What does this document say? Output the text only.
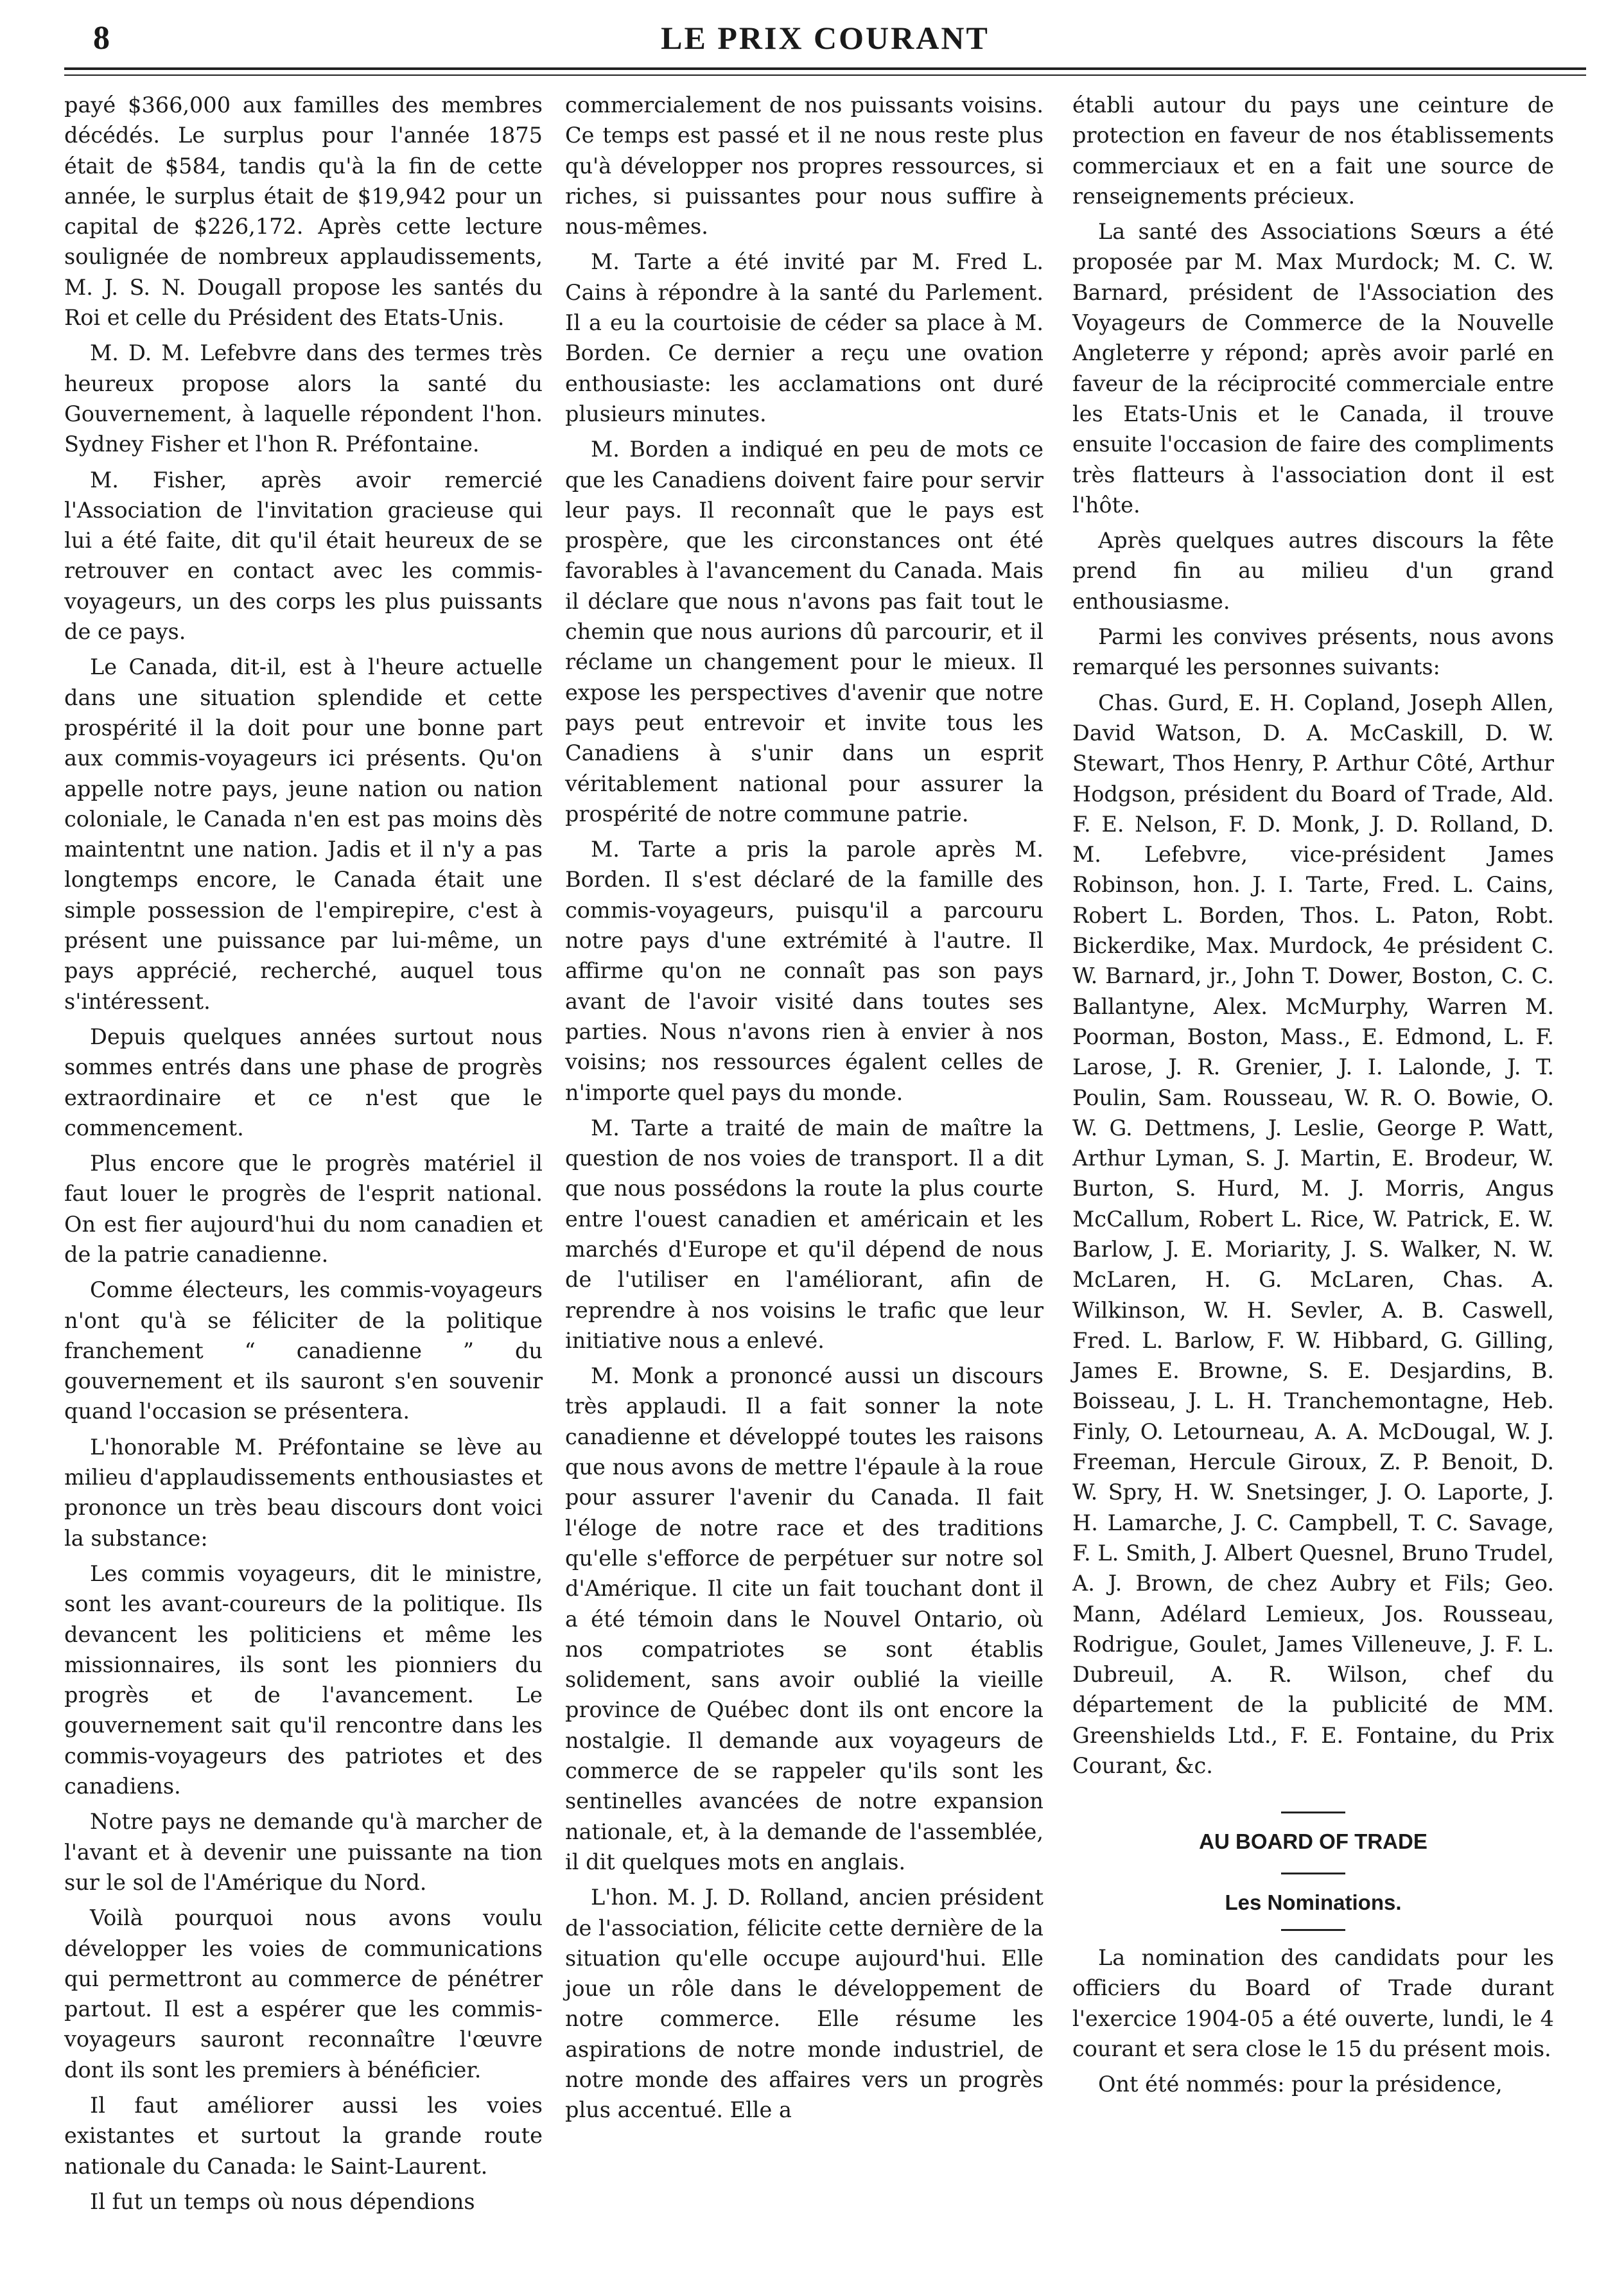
8	LE PRIX COURANT

payé $366,000 aux familles des membres décédés. Le surplus pour l'année 1875 était de $584, tandis qu'à la fin de cette année, le surplus était de $19,942 pour un capital de $226,172. Après cette lecture soulignée de nombreux applaudissements, M. J. S. N. Dougall propose les santés du Roi et celle du Président des Etats-Unis.

M. D. M. Lefebvre dans des termes très heureux propose alors la santé du Gouvernement, à laquelle répondent l'hon. Sydney Fisher et l'hon R. Préfontaine.

M. Fisher, après avoir remercié l'Association de l'invitation gracieuse qui lui a été faite, dit qu'il était heureux de se retrouver en contact avec les commis-voyageurs, un des corps les plus puissants de ce pays.

Le Canada, dit-il, est à l'heure actuelle dans une situation splendide et cette prospérité il la doit pour une bonne part aux commis-voyageurs ici présents. Qu'on appelle notre pays, jeune nation ou nation coloniale, le Canada n'en est pas moins dès maintentnt une nation. Jadis et il n'y a pas longtemps encore, le Canada était une simple possession de l'empirepire, c'est à présent une puissance par lui-même, un pays apprécié, recherché, auquel tous s'intéressent.

Depuis quelques années surtout nous sommes entrés dans une phase de progrès extraordinaire et ce n'est que le commencement.

Plus encore que le progrès matériel il faut louer le progrès de l'esprit national. On est fier aujourd'hui du nom canadien et de la patrie canadienne.

Comme électeurs, les commis-voyageurs n'ont qu'à se féliciter de la politique franchement “ canadienne ” du gouvernement et ils sauront s'en souvenir quand l'occasion se présentera.

L'honorable M. Préfontaine se lève au milieu d'applaudissements enthousiastes et prononce un très beau discours dont voici la substance:

Les commis voyageurs, dit le ministre, sont les avant-coureurs de la politique. Ils devancent les politiciens et même les missionnaires, ils sont les pionniers du progrès et de l'avancement. Le gouvernement sait qu'il rencontre dans les commis-voyageurs des patriotes et des canadiens.

Notre pays ne demande qu'à marcher de l'avant et à devenir une puissante na tion sur le sol de l'Amérique du Nord.

Voilà pourquoi nous avons voulu développer les voies de communications qui permettront au commerce de pénétrer partout. Il est a espérer que les commis-voyageurs sauront reconnaître l'œuvre dont ils sont les premiers à bénéficier.

Il faut améliorer aussi les voies existantes et surtout la grande route nationale du Canada: le Saint-Laurent.

Il fut un temps où nous dépendions

commercialement de nos puissants voisins. Ce temps est passé et il ne nous reste plus qu'à développer nos propres ressources, si riches, si puissantes pour nous suffire à nous-mêmes.

M. Tarte a été invité par M. Fred L. Cains à répondre à la santé du Parlement. Il a eu la courtoisie de céder sa place à M. Borden. Ce dernier a reçu une ovation enthousiaste: les acclamations ont duré plusieurs minutes.

M. Borden a indiqué en peu de mots ce que les Canadiens doivent faire pour servir leur pays. Il reconnaît que le pays est prospère, que les circonstances ont été favorables à l'avancement du Canada. Mais il déclare que nous n'avons pas fait tout le chemin que nous aurions dû parcourir, et il réclame un changement pour le mieux. Il expose les perspectives d'avenir que notre pays peut entrevoir et invite tous les Canadiens à s'unir dans un esprit véritablement national pour assurer la prospérité de notre commune patrie.

M. Tarte a pris la parole après M. Borden. Il s'est déclaré de la famille des commis-voyageurs, puisqu'il a parcouru notre pays d'une extrémité à l'autre. Il affirme qu'on ne connaît pas son pays avant de l'avoir visité dans toutes ses parties. Nous n'avons rien à envier à nos voisins; nos ressources égalent celles de n'importe quel pays du monde.

M. Tarte a traité de main de maître la question de nos voies de transport. Il a dit que nous possédons la route la plus courte entre l'ouest canadien et américain et les marchés d'Europe et qu'il dépend de nous de l'utiliser en l'améliorant, afin de reprendre à nos voisins le trafic que leur initiative nous a enlevé.

M. Monk a prononcé aussi un discours très applaudi. Il a fait sonner la note canadienne et développé toutes les raisons que nous avons de mettre l'épaule à la roue pour assurer l'avenir du Canada. Il fait l'éloge de notre race et des traditions qu'elle s'efforce de perpétuer sur notre sol d'Amérique. Il cite un fait touchant dont il a été témoin dans le Nouvel Ontario, où nos compatriotes se sont établis solidement, sans avoir oublié la vieille province de Québec dont ils ont encore la nostalgie. Il demande aux voyageurs de commerce de se rappeler qu'ils sont les sentinelles avancées de notre expansion nationale, et, à la demande de l'assemblée, il dit quelques mots en anglais.

L'hon. M. J. D. Rolland, ancien président de l'association, félicite cette dernière de la situation qu'elle occupe aujourd'hui. Elle joue un rôle dans le développement de notre commerce. Elle résume les aspirations de notre monde industriel, de notre monde des affaires vers un progrès plus accentué. Elle a

établi autour du pays une ceinture de protection en faveur de nos établissements commerciaux et en a fait une source de renseignements précieux.

La santé des Associations Sœurs a été proposée par M. Max Murdock; M. C. W. Barnard, président de l'Association des Voyageurs de Commerce de la Nouvelle Angleterre y répond; après avoir parlé en faveur de la réciprocité commerciale entre les Etats-Unis et le Canada, il trouve ensuite l'occasion de faire des compliments très flatteurs à l'association dont il est l'hôte.

Après quelques autres discours la fête prend fin au milieu d'un grand enthousiasme.

Parmi les convives présents, nous avons remarqué les personnes suivants:

Chas. Gurd, E. H. Copland, Joseph Allen, David Watson, D. A. McCaskill, D. W. Stewart, Thos Henry, P. Arthur Côté, Arthur Hodgson, président du Board of Trade, Ald. F. E. Nelson, F. D. Monk, J. D. Rolland, D. M. Lefebvre, vice-président James Robinson, hon. J. I. Tarte, Fred. L. Cains, Robert L. Borden, Thos. L. Paton, Robt. Bickerdike, Max. Murdock, 4e président C. W. Barnard, jr., John T. Dower, Boston, C. C. Ballantyne, Alex. McMurphy, Warren M. Poorman, Boston, Mass., E. Edmond, L. F. Larose, J. R. Grenier, J. I. Lalonde, J. T. Poulin, Sam. Rousseau, W. R. O. Bowie, O. W. G. Dettmens, J. Leslie, George P. Watt, Arthur Lyman, S. J. Martin, E. Brodeur, W. Burton, S. Hurd, M. J. Morris, Angus McCallum, Robert L. Rice, W. Patrick, E. W. Barlow, J. E. Moriarity, J. S. Walker, N. W. McLaren, H. G. McLaren, Chas. A. Wilkinson, W. H. Sevler, A. B. Caswell, Fred. L. Barlow, F. W. Hibbard, G. Gilling, James E. Browne, S. E. Desjardins, B. Boisseau, J. L. H. Tranchemontagne, Heb. Finly, O. Letourneau, A. A. McDougal, W. J. Freeman, Hercule Giroux, Z. P. Benoit, D. W. Spry, H. W. Snetsinger, J. O. Laporte, J. H. Lamarche, J. C. Campbell, T. C. Savage, F. L. Smith, J. Albert Quesnel, Bruno Trudel, A. J. Brown, de chez Aubry et Fils; Geo. Mann, Adélard Lemieux, Jos. Rousseau, Rodrigue, Goulet, James Villeneuve, J. F. L. Dubreuil, A. R. Wilson, chef du département de la publicité de MM. Greenshields Ltd., F. E. Fontaine, du Prix Courant, &c.

AU BOARD OF TRADE

Les Nominations.

La nomination des candidats pour les officiers du Board of Trade durant l'exercice 1904-05 a été ouverte, lundi, le 4 courant et sera close le 15 du présent mois.

Ont été nommés: pour la présidence,
